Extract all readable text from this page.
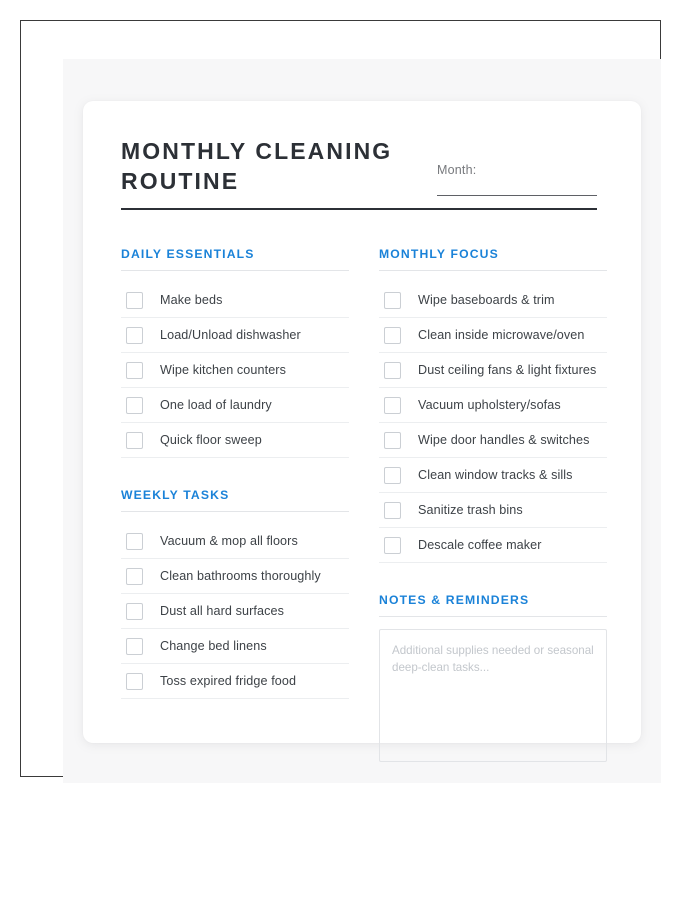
MONTHLY CLEANING ROUTINE	Month:
DAILY ESSENTIALS
Make beds
Load/Unload dishwasher
Wipe kitchen counters
One load of laundry
Quick floor sweep
WEEKLY TASKS
Vacuum & mop all floors
Clean bathrooms thoroughly
Dust all hard surfaces
Change bed linens
Toss expired fridge food
MONTHLY FOCUS
Wipe baseboards & trim
Clean inside microwave/oven
Dust ceiling fans & light fixtures
Vacuum upholstery/sofas
Wipe door handles & switches
Clean window tracks & sills
Sanitize trash bins
Descale coffee maker
NOTES & REMINDERS

Additional supplies needed or seasonal deep-clean tasks...
